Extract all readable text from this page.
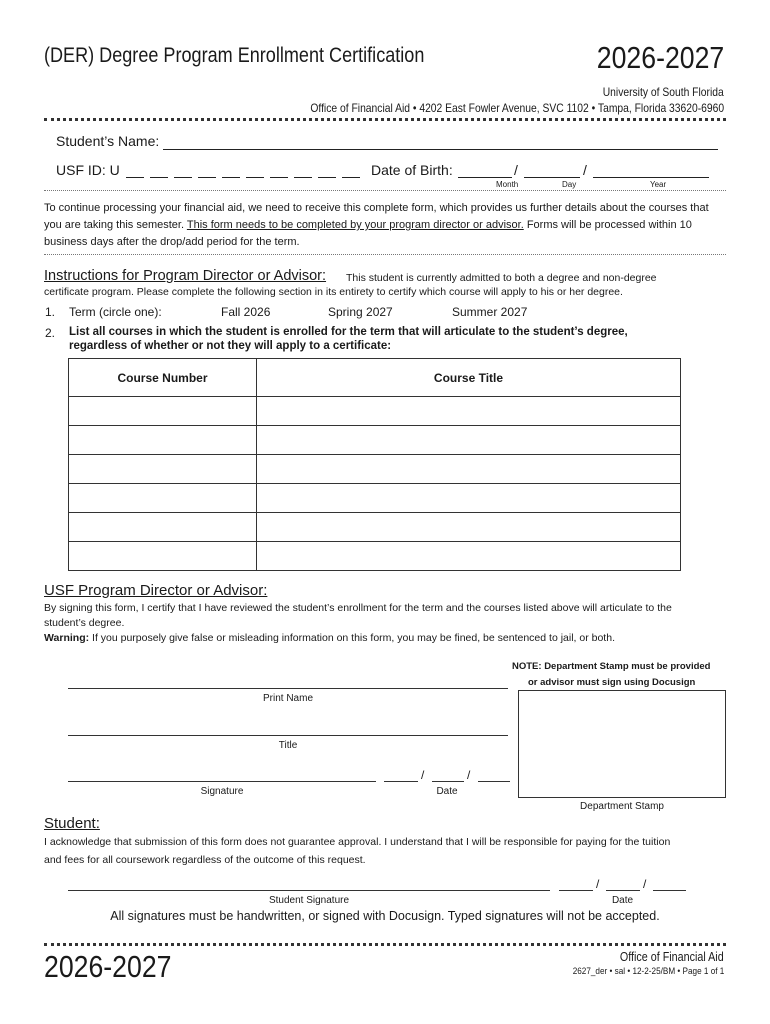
(DER) Degree Program Enrollment Certification	2026-2027
University of South Florida
Office of Financial Aid • 4202 East Fowler Avenue, SVC 1102 • Tampa, Florida 33620-6960
Student’s Name:
USF ID: U	Date of Birth:	/	/
Month	Day	Year
To continue processing your financial aid, we need to receive this complete form, which provides us further details about the courses that you are taking this semester. This form needs to be completed by your program director or advisor. Forms will be processed within 10 business days after the drop/add period for the term.
Instructions for Program Director or Advisor: This student is currently admitted to both a degree and non-degree
certificate program. Please complete the following section in its entirety to certify which course will apply to his or her degree.
1. Term (circle one):	Fall 2026	Spring 2027	Summer 2027
2. List all courses in which the student is enrolled for the term that will articulate to the student’s degree,
regardless of whether or not they will apply to a certificate:
Course Number	Course Title

USF Program Director or Advisor:
By signing this form, I certify that I have reviewed the student’s enrollment for the term and the courses listed above will articulate to the
student’s degree.
Warning: If you purposely give false or misleading information on this form, you may be fined, be sentenced to jail, or both.
NOTE: Department Stamp must be provided
or advisor must sign using Docusign
Print Name
Title
Signature
/	/
Date
Department Stamp
Student:
I acknowledge that submission of this form does not guarantee approval. I understand that I will be responsible for paying for the tuition
and fees for all coursework regardless of the outcome of this request.
Student Signature
/	/
Date
All signatures must be handwritten, or signed with Docusign. Typed signatures will not be accepted.
2026-2027	Office of Financial Aid
2627_der • sal • 12-2-25/BM • Page 1 of 1
